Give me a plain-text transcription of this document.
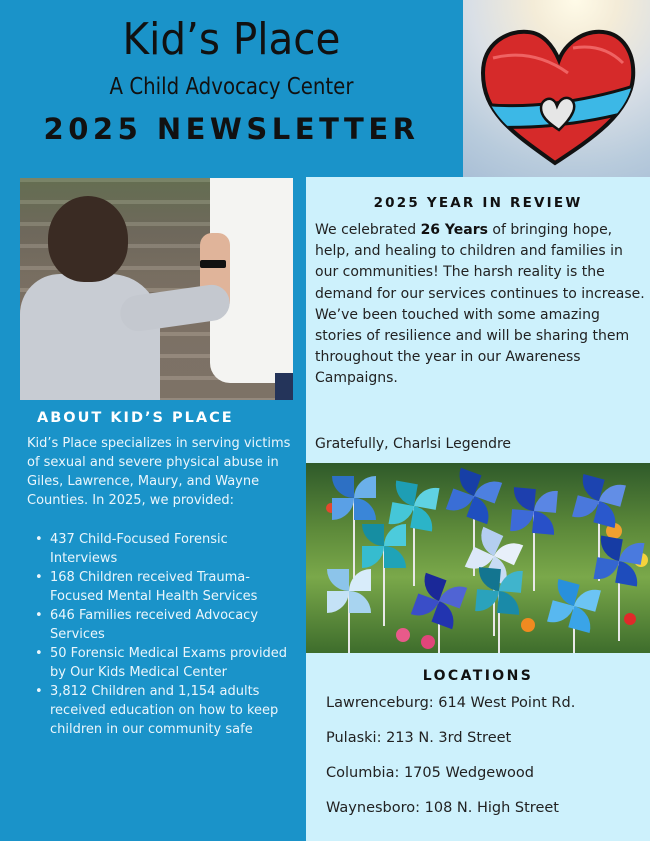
Kid’s Place
A Child Advocacy Center
2025 NEWSLETTER
ABOUT KID’S PLACE
Kid’s Place specializes in serving victims of sexual and severe physical abuse in Giles, Lawrence, Maury, and Wayne Counties. In 2025, we provided:
• 437 Child-Focused Forensic Interviews
• 168 Children received Trauma-Focused Mental Health Services
• 646 Families received Advocacy Services
• 50 Forensic Medical Exams provided by Our Kids Medical Center
• 3,812 Children and 1,154 adults received education on how to keep children in our community safe
2025 YEAR IN REVIEW
We celebrated 26 Years of bringing hope, help, and healing to children and families in our communities! The harsh reality is the demand for our services continues to increase. We’ve been touched with some amazing stories of resilience and will be sharing them throughout the year in our Awareness Campaigns.
Gratefully, Charlsi Legendre
LOCATIONS
Lawrenceburg: 614 West Point Rd.
Pulaski: 213 N. 3rd Street
Columbia: 1705 Wedgewood
Waynesboro: 108 N. High Street
